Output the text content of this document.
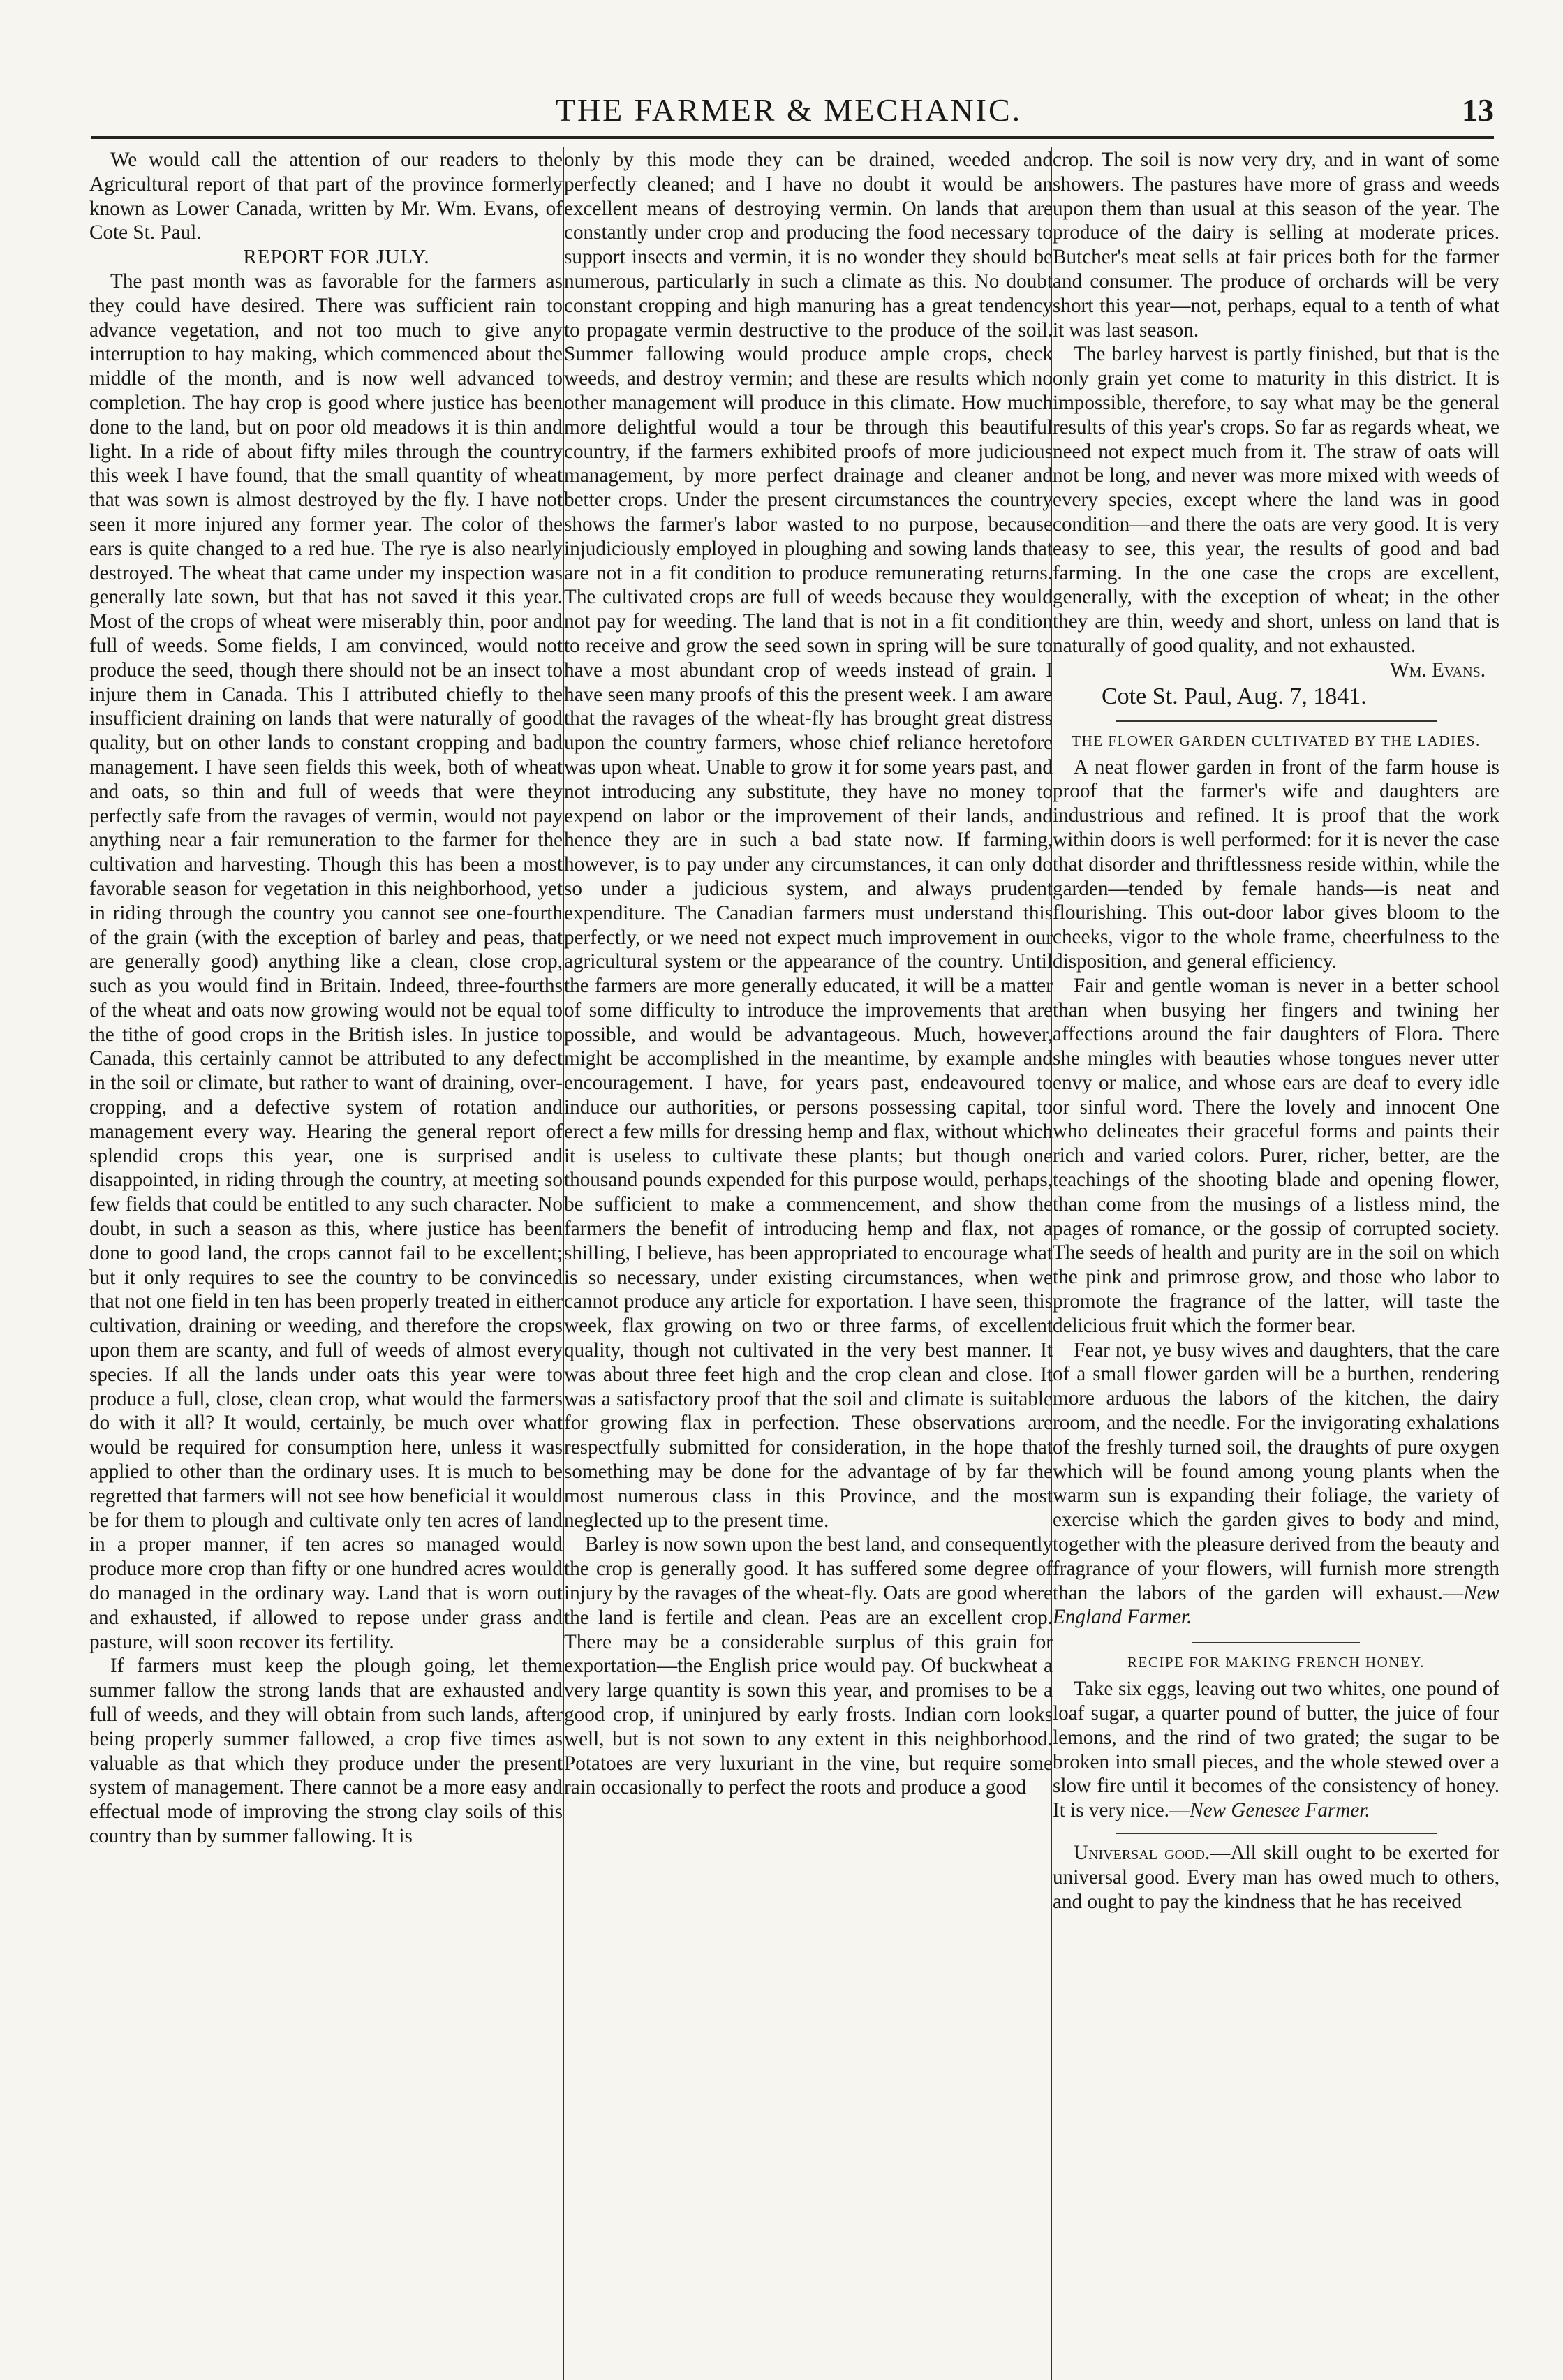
THE FARMER & MECHANIC.	13

We would call the attention of our readers to the Agricultural report of that part of the province formerly known as Lower Canada, written by Mr. Wm. Evans, of Cote St. Paul.

REPORT FOR JULY.

The past month was as favorable for the farmers as they could have desired. There was sufficient rain to advance vegetation, and not too much to give any interruption to hay making, which commenced about the middle of the month, and is now well advanced to completion. The hay crop is good where justice has been done to the land, but on poor old meadows it is thin and light. In a ride of about fifty miles through the country this week I have found, that the small quantity of wheat that was sown is almost destroyed by the fly. I have not seen it more injured any former year. The color of the ears is quite changed to a red hue. The rye is also nearly destroyed. The wheat that came under my inspection was generally late sown, but that has not saved it this year. Most of the crops of wheat were miserably thin, poor and full of weeds. Some fields, I am convinced, would not produce the seed, though there should not be an insect to injure them in Canada. This I attributed chiefly to the insufficient draining on lands that were naturally of good quality, but on other lands to constant cropping and bad management. I have seen fields this week, both of wheat and oats, so thin and full of weeds that were they perfectly safe from the ravages of vermin, would not pay anything near a fair remuneration to the farmer for the cultivation and harvesting. Though this has been a most favorable season for vegetation in this neighborhood, yet in riding through the country you cannot see one-fourth of the grain (with the exception of barley and peas, that are generally good) anything like a clean, close crop, such as you would find in Britain. Indeed, three-fourths of the wheat and oats now growing would not be equal to the tithe of good crops in the British isles. In justice to Canada, this certainly cannot be attributed to any defect in the soil or climate, but rather to want of draining, over-cropping, and a defective system of rotation and management every way. Hearing the general report of splendid crops this year, one is surprised and disappointed, in riding through the country, at meeting so few fields that could be entitled to any such character. No doubt, in such a season as this, where justice has been done to good land, the crops cannot fail to be excellent; but it only requires to see the country to be convinced that not one field in ten has been properly treated in either cultivation, draining or weeding, and therefore the crops upon them are scanty, and full of weeds of almost every species. If all the lands under oats this year were to produce a full, close, clean crop, what would the farmers do with it all? It would, certainly, be much over what would be required for consumption here, unless it was applied to other than the ordinary uses. It is much to be regretted that farmers will not see how beneficial it would be for them to plough and cultivate only ten acres of land in a proper manner, if ten acres so managed would produce more crop than fifty or one hundred acres would do managed in the ordinary way. Land that is worn out and exhausted, if allowed to repose under grass and pasture, will soon recover its fertility.

If farmers must keep the plough going, let them summer fallow the strong lands that are exhausted and full of weeds, and they will obtain from such lands, after being properly summer fallowed, a crop five times as valuable as that which they produce under the present system of management. There cannot be a more easy and effectual mode of improving the strong clay soils of this country than by summer fallowing. It is

only by this mode they can be drained, weeded and perfectly cleaned; and I have no doubt it would be an excellent means of destroying vermin. On lands that are constantly under crop and producing the food necessary to support insects and vermin, it is no wonder they should be numerous, particularly in such a climate as this. No doubt constant cropping and high manuring has a great tendency to propagate vermin destructive to the produce of the soil. Summer fallowing would produce ample crops, check weeds, and destroy vermin; and these are results which no other management will produce in this climate. How much more delightful would a tour be through this beautiful country, if the farmers exhibited proofs of more judicious management, by more perfect drainage and cleaner and better crops. Under the present circumstances the country shows the farmer's labor wasted to no purpose, because injudiciously employed in ploughing and sowing lands that are not in a fit condition to produce remunerating returns. The cultivated crops are full of weeds because they would not pay for weeding. The land that is not in a fit condition to receive and grow the seed sown in spring will be sure to have a most abundant crop of weeds instead of grain. I have seen many proofs of this the present week. I am aware that the ravages of the wheat-fly has brought great distress upon the country farmers, whose chief reliance heretofore was upon wheat. Unable to grow it for some years past, and not introducing any substitute, they have no money to expend on labor or the improvement of their lands, and hence they are in such a bad state now. If farming, however, is to pay under any circumstances, it can only do so under a judicious system, and always prudent expenditure. The Canadian farmers must understand this perfectly, or we need not expect much improvement in our agricultural system or the appearance of the country. Until the farmers are more generally educated, it will be a matter of some difficulty to introduce the improvements that are possible, and would be advantageous. Much, however, might be accomplished in the meantime, by example and encouragement. I have, for years past, endeavoured to induce our authorities, or persons possessing capital, to erect a few mills for dressing hemp and flax, without which it is useless to cultivate these plants; but though one thousand pounds expended for this purpose would, perhaps, be sufficient to make a commencement, and show the farmers the benefit of introducing hemp and flax, not a shilling, I believe, has been appropriated to encourage what is so necessary, under existing circumstances, when we cannot produce any article for exportation. I have seen, this week, flax growing on two or three farms, of excellent quality, though not cultivated in the very best manner. It was about three feet high and the crop clean and close. It was a satisfactory proof that the soil and climate is suitable for growing flax in perfection. These observations are respectfully submitted for consideration, in the hope that something may be done for the advantage of by far the most numerous class in this Province, and the most neglected up to the present time.

Barley is now sown upon the best land, and consequently the crop is generally good. It has suffered some degree of injury by the ravages of the wheat-fly. Oats are good where the land is fertile and clean. Peas are an excellent crop. There may be a considerable surplus of this grain for exportation—the English price would pay. Of buckwheat a very large quantity is sown this year, and promises to be a good crop, if uninjured by early frosts. Indian corn looks well, but is not sown to any extent in this neighborhood. Potatoes are very luxuriant in the vine, but require some rain occasionally to perfect the roots and produce a good

crop. The soil is now very dry, and in want of some showers. The pastures have more of grass and weeds upon them than usual at this season of the year. The produce of the dairy is selling at moderate prices. Butcher's meat sells at fair prices both for the farmer and consumer. The produce of orchards will be very short this year—not, perhaps, equal to a tenth of what it was last season.

The barley harvest is partly finished, but that is the only grain yet come to maturity in this district. It is impossible, therefore, to say what may be the general results of this year's crops. So far as regards wheat, we need not expect much from it. The straw of oats will not be long, and never was more mixed with weeds of every species, except where the land was in good condition—and there the oats are very good. It is very easy to see, this year, the results of good and bad farming. In the one case the crops are excellent, generally, with the exception of wheat; in the other they are thin, weedy and short, unless on land that is naturally of good quality, and not exhausted.

Wm. Evans.

Cote St. Paul, Aug. 7, 1841.

THE FLOWER GARDEN CULTIVATED BY THE LADIES.

A neat flower garden in front of the farm house is proof that the farmer's wife and daughters are industrious and refined. It is proof that the work within doors is well performed: for it is never the case that disorder and thriftlessness reside within, while the garden—tended by female hands—is neat and flourishing. This out-door labor gives bloom to the cheeks, vigor to the whole frame, cheerfulness to the disposition, and general efficiency.

Fair and gentle woman is never in a better school than when busying her fingers and twining her affections around the fair daughters of Flora. There she mingles with beauties whose tongues never utter envy or malice, and whose ears are deaf to every idle or sinful word. There the lovely and innocent One who delineates their graceful forms and paints their rich and varied colors. Purer, richer, better, are the teachings of the shooting blade and opening flower, than come from the musings of a listless mind, the pages of romance, or the gossip of corrupted society. The seeds of health and purity are in the soil on which the pink and primrose grow, and those who labor to promote the fragrance of the latter, will taste the delicious fruit which the former bear.

Fear not, ye busy wives and daughters, that the care of a small flower garden will be a burthen, rendering more arduous the labors of the kitchen, the dairy room, and the needle. For the invigorating exhalations of the freshly turned soil, the draughts of pure oxygen which will be found among young plants when the warm sun is expanding their foliage, the variety of exercise which the garden gives to body and mind, together with the pleasure derived from the beauty and fragrance of your flowers, will furnish more strength than the labors of the garden will exhaust.—New England Farmer.

RECIPE FOR MAKING FRENCH HONEY.

Take six eggs, leaving out two whites, one pound of loaf sugar, a quarter pound of butter, the juice of four lemons, and the rind of two grated; the sugar to be broken into small pieces, and the whole stewed over a slow fire until it becomes of the consistency of honey. It is very nice.—New Genesee Farmer.

Universal good.—All skill ought to be exerted for universal good. Every man has owed much to others, and ought to pay the kindness that he has received
